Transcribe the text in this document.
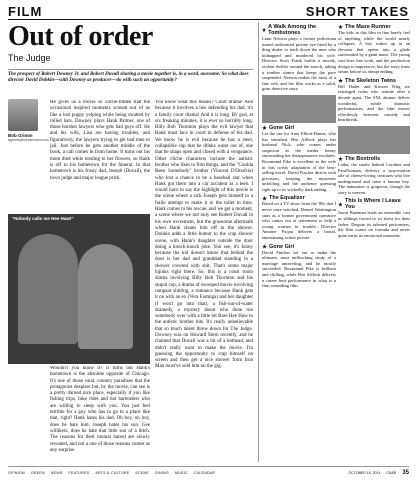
FILM	SHORT TAKES
Out of order
The Judge
The prospect of Robert Downey Jr. and Robert Duvall sharing a movie together is, in a word, awesome. So what does director David Dobkin—with Downey as producer—do with such an opportunity?
Bob Grimm
bgrimm@newsreview.com
He gives us a movie so cliché-ridden that the occasional inspired moments scream out of us like a lost puppy yelping while being swatted by rolled hats. Downey plays Hank Palmer, one of those hotshot lawyers who gets bad guys off. He and his wife, Lisa are having troubles, and figuratively, the lawyers trying to get bad men to jail. Just before he gets another middle of the book, a call comes in from home. It turns out his mom died while tending to her flowers, so Hank is off to his hometown for the funeral. In that hometown is his frosty dad, Joseph (Duvall), the town judge and major league prick.
"Nobody calls me Hee Haw!"
Wouldn't you know it? It turns out Hank's hometown is the absolute opposite of Chicago. It's one of those rural, country paradises that the protagonist despises but, by the movie, can see is a pretty darned nice place, especially if you like fishing trips, bike rides and hot bartenders who are willing to sleep with you. You just feel terrible for a guy who has to go to a place like that, right? Hank hates his dad. Oh boy, oh boy, does he hate him. Joseph hates his son. Gee willikers, does he hate that little son of a bitch. The reasons for their mutual hatred are slowly revealed, and not a one of those reasons comes as any surprise.
You know what this means? Court drama! And because it involves a law defending his dad, it's a family court drama! And it is long. By god, at six freaking minutes, it is ever so horribly long. Billy Bob Thornton plays the evil lawyer that Hank must face in court in defense of his dad. We know he is evil because he has a steel, collapsible cup that he drinks water out of, one that he snaps open and closed with a vengeance. Other cliché characters include the autistic brother who likes to film things, and the "Coulda Been Somebody" brother (Vincent D'Onofrio) who lost a chance to be a baseball star when Hank got them into a car accident as a teen. I would have to say the highlight of this movie is the scene where a sick Joseph gets himself in a futile attempt to make it to the toilet in time. Hank comes to his rescue, and we get a moment, a scene where we not only see Robert Duvall in his own excrement, but the gruesome aftermath when Hank cleans him off in the shower. Dobkin adds a little humor to the crap shower scene, with Hank's daughter outside the door doing a knock-knock joke. You see, it's funny because the kid doesn't know that behind the door is her dad and granddad standing in a shower covered with shit. That's some major hijinks right there. So, this is a court room drama involving Billy Bob Thornton and his stupid cup, a drama of swooped movie involving rampant shitting, a romance because Hank gets it on with an ex (Vera Farmiga) and her daughter (I won't go into that), a fish-out-of-water dramedy, a mystery about who done run somebody over with a little bit Bare Hee Haw to the autistic brother bits. It's really unbelievable that so much talent threw down for The Judge. Downey was on Howard Stern recently, and he claimed that Duvall was a bit of a hothead, and didn't really want to make the movie. I'm guessing the opportunity to crap himself on screen and then get a nice shower from Iron Man must've sold him on the gig.
A Walk Among the Tombstones
Liam Neeson plays a former policeman turned unlicensed private eye hired by a drug dealer to track down the men who kidnapped and murdered his wife. Director Scott Frank builds a moody, violent thriller around the search, taking a somber stance that keeps the pace suspended. Neeson makes the most of a fine role, and the film works as a solid, grim detective story.
Gone Girl
Let the use for Amy Elliott-Dunne, who has vanished. Ben Affleck plays her husband Nick, who comes under suspicion as the media frenzy surrounding her disappearance escalates. Rosamund Pike is excellent as the wife in this twisty adaptation of the best-selling novel. David Fincher directs with precision, keeping the mysteries unfolding and the audience guessing right up to its wickedly dark ending.
The Equalizer
Based on a TV show from the '80s that I never once watched, Denzel Washington stars as a former government operative who comes out of retirement to help a young woman in trouble. Director Antoine Fuqua delivers a brutal, entertaining action picture.
Gone Girl
David Fincher set out to make the ultimate, most unflinching study of a marriage unraveling, and he mostly succeeded. Rosamund Pike is brilliant and chilling, while Ben Affleck delivers a career best performance in what is a fine, unsettling film.
The Maze Runner
The kids in this film in fine barely feel of anything while the world nearly collapses. A boy wakes up in an elevator that opens into a glade surrounded by a giant maze. The young cast does fine work, and the production design is impressive, but the story loses steam before its abrupt ending.
The Skeleton Twins
Bill Hader and Kristen Wiig are estranged twins who reunite after a decade apart. The SNL alumni deliver wonderful, subtle dramatic performances, and the film moves effortlessly between comedy and heartbreak.
The Boxtrolls
Laika, the studio behind Coraline and ParaNorman, delivers a stop-motion tale of cheese-loving creatures who live underground and raise a human boy. The animation is gorgeous, though the story is uneven.
This Is Where I Leave You
Jason Bateman leads an ensemble cast as siblings forced to sit shiva for their father. Despite its talented performers, the film coasts on formula and never quite earns its emotional moments.
OPINION GREEN NEWS FEATURES ARTS & CULTURE SCENE DINING MUSIC CALENDAR	OCTOBER 16, 2014 CN&R 35
